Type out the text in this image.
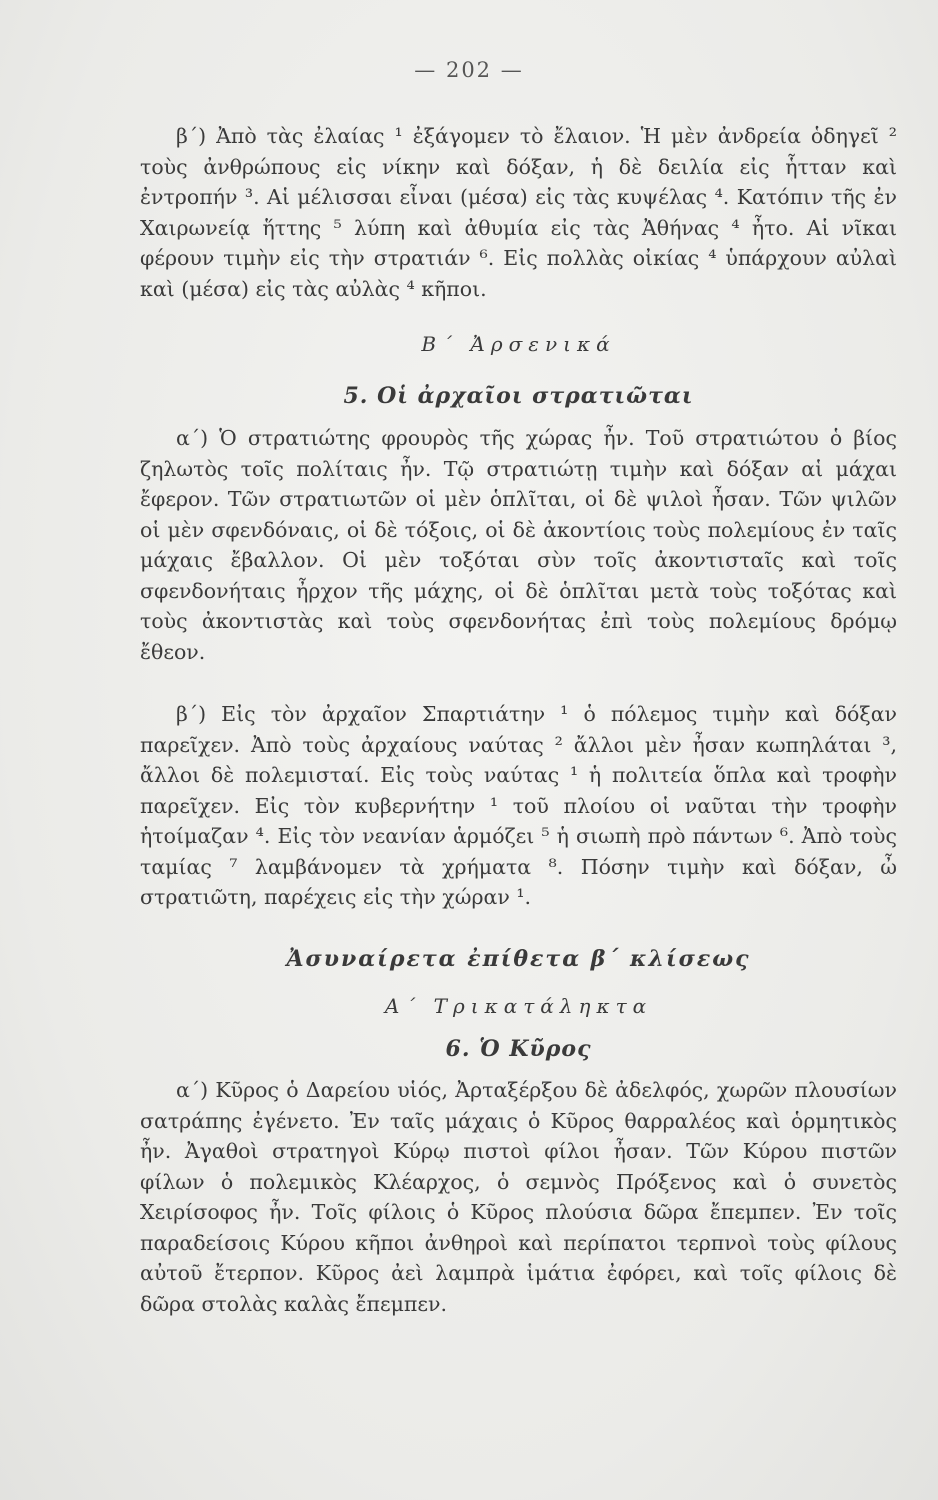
— 202 —

β΄) Ἀπὸ τὰς ἐλαίας ¹ ἐξάγομεν τὸ ἔλαιον. Ἡ μὲν ἀνδρεία ὁδηγεῖ ² τοὺς ἀνθρώπους εἰς νίκην καὶ δόξαν, ἡ δὲ δειλία εἰς ἧτταν καὶ ἐντροπήν ³. Αἱ μέλισσαι εἶναι (μέσα) εἰς τὰς κυψέλας ⁴. Κατόπιν τῆς ἐν Χαιρωνείᾳ ἥττης ⁵ λύπη καὶ ἀθυμία εἰς τὰς Ἀθήνας ⁴ ἦτο. Αἱ νῖκαι φέρουν τιμὴν εἰς τὴν στρατιάν ⁶. Εἰς πολλὰς οἰκίας ⁴ ὑπάρχουν αὐλαὶ καὶ (μέσα) εἰς τὰς αὐλὰς ⁴ κῆποι.

Β΄ Ἀρσενικά

5. Οἱ ἀρχαῖοι στρατιῶται

α΄) Ὁ στρατιώτης φρουρὸς τῆς χώρας ἦν. Τοῦ στρατιώτου ὁ βίος ζηλωτὸς τοῖς πολίταις ἦν. Τῷ στρατιώτῃ τιμὴν καὶ δόξαν αἱ μάχαι ἔφερον. Τῶν στρατιωτῶν οἱ μὲν ὁπλῖται, οἱ δὲ ψιλοὶ ἦσαν. Τῶν ψιλῶν οἱ μὲν σφενδόναις, οἱ δὲ τόξοις, οἱ δὲ ἀκοντίοις τοὺς πολεμίους ἐν ταῖς μάχαις ἔβαλλον. Οἱ μὲν τοξόται σὺν τοῖς ἀκοντισταῖς καὶ τοῖς σφενδονήταις ἦρχον τῆς μάχης, οἱ δὲ ὁπλῖται μετὰ τοὺς τοξότας καὶ τοὺς ἀκοντιστὰς καὶ τοὺς σφενδονήτας ἐπὶ τοὺς πολεμίους δρόμῳ ἔθεον.

β΄) Εἰς τὸν ἀρχαῖον Σπαρτιάτην ¹ ὁ πόλεμος τιμὴν καὶ δόξαν παρεῖχεν. Ἀπὸ τοὺς ἀρχαίους ναύτας ² ἄλλοι μὲν ἦσαν κωπηλάται ³, ἄλλοι δὲ πολεμισταί. Εἰς τοὺς ναύτας ¹ ἡ πολιτεία ὅπλα καὶ τροφὴν παρεῖχεν. Εἰς τὸν κυβερνήτην ¹ τοῦ πλοίου οἱ ναῦται τὴν τροφὴν ἡτοίμαζαν ⁴. Εἰς τὸν νεανίαν ἁρμόζει ⁵ ἡ σιωπὴ πρὸ πάντων ⁶. Ἀπὸ τοὺς ταμίας ⁷ λαμβάνομεν τὰ χρήματα ⁸. Πόσην τιμὴν καὶ δόξαν, ὦ στρατιῶτη, παρέχεις εἰς τὴν χώραν ¹.

Ἀσυναίρετα ἐπίθετα β΄ κλίσεως

Α΄ Τρικατάληκτα

6. Ὁ Κῦρος

α΄) Κῦρος ὁ Δαρείου υἱός, Ἀρταξέρξου δὲ ἀδελφός, χωρῶν πλουσίων σατράπης ἐγένετο. Ἐν ταῖς μάχαις ὁ Κῦρος θαρραλέος καὶ ὁρμητικὸς ἦν. Ἀγαθοὶ στρατηγοὶ Κύρῳ πιστοὶ φίλοι ἦσαν. Τῶν Κύρου πιστῶν φίλων ὁ πολεμικὸς Κλέαρχος, ὁ σεμνὸς Πρόξενος καὶ ὁ συνετὸς Χειρίσοφος ἦν. Τοῖς φίλοις ὁ Κῦρος πλούσια δῶρα ἔπεμπεν. Ἐν τοῖς παραδείσοις Κύρου κῆποι ἀνθηροὶ καὶ περίπατοι τερπνοὶ τοὺς φίλους αὐτοῦ ἔτερπον. Κῦρος ἀεὶ λαμπρὰ ἱμάτια ἐφόρει, καὶ τοῖς φίλοις δὲ δῶρα στολὰς καλὰς ἔπεμπεν.
